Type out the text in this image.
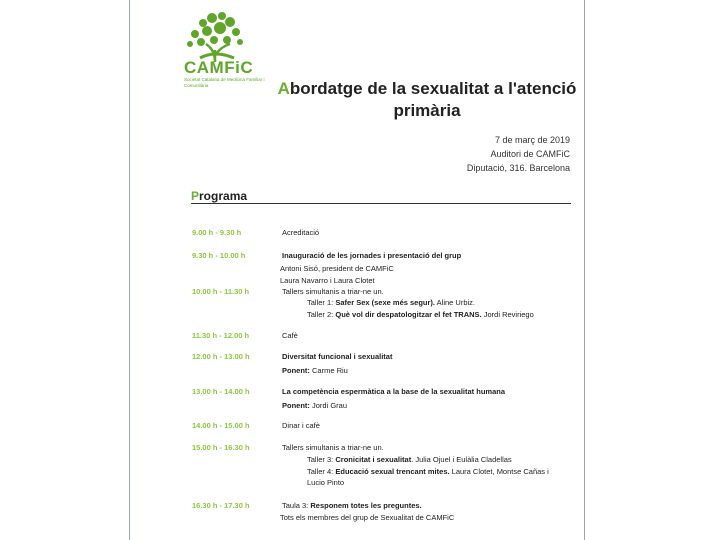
CAMFiC
Societat Catalana de Medicina Familiar i Comunitària	Abordatge de la sexualitat a l'atenció
primària
7 de març de 2019
Auditori de CAMFiC
Diputació, 316. Barcelona
Programa
9.00 h - 9.30 h
9.30 h - 10.00 h
10.00 h - 11.30 h
11.30 h - 12.00 h
12.00 h - 13.00 h
13.00 h - 14.00 h
14.00 h - 15.00 h
15.00 h - 16.30 h
16.30 h - 17.30 h
Acreditació
Inauguració de les jornades i presentació del grup
Antoni Sisó, president de CAMFiC
Laura Navarro i Laura Clotet
Tallers simultanis a triar-ne un.
Taller 1: Safer Sex (sexe més segur). Aline Urbiz.
Taller 2: Què vol dir despatologitzar el fet TRANS. Jordi Reviriego
Cafè
Diversitat funcional i sexualitat
Ponent: Carme Riu
La competència espermàtica a la base de la sexualitat humana
Ponent: Jordi Grau
Dinar i cafè
Tallers simultanis a triar-ne un.
Taller 3: Cronicitat i sexualitat. Julia Ojuel i Eulàlia Cladellas
Taller 4: Educació sexual trencant mites. Laura Clotet, Montse Cañas i
Lucio Pinto
Taula 3: Responem totes les preguntes.
Tots els membres del grup de Sexualitat de CAMFiC
